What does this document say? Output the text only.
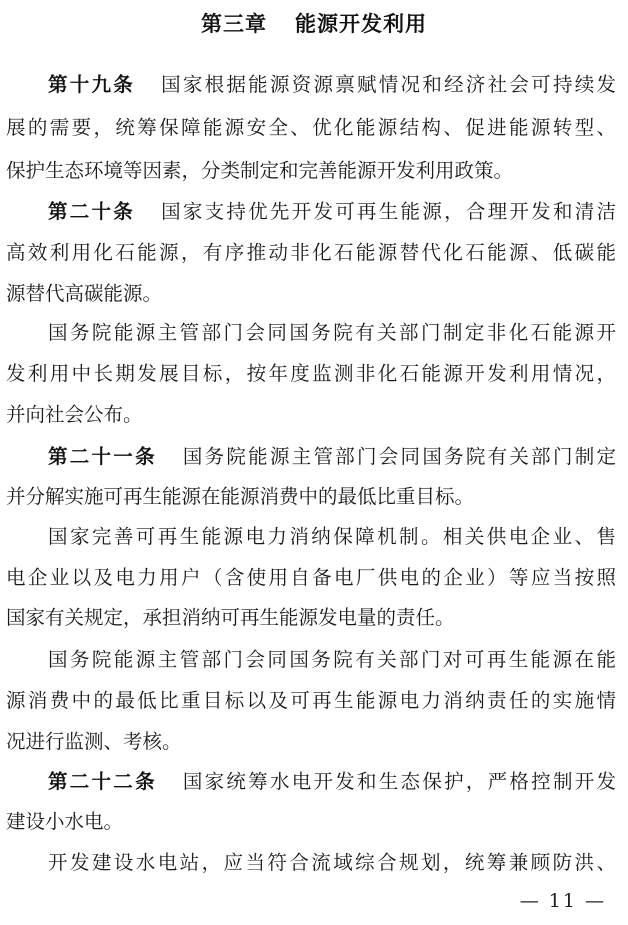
第三章 能源开发利用
第十九条 国家根据能源资源禀赋情况和经济社会可持续发
展的需要，统筹保障能源安全、优化能源结构、促进能源转型、
保护生态环境等因素，分类制定和完善能源开发利用政策。
第二十条 国家支持优先开发可再生能源，合理开发和清洁
高效利用化石能源，有序推动非化石能源替代化石能源、低碳能
源替代高碳能源。
国务院能源主管部门会同国务院有关部门制定非化石能源开
发利用中长期发展目标，按年度监测非化石能源开发利用情况，
并向社会公布。
第二十一条 国务院能源主管部门会同国务院有关部门制定
并分解实施可再生能源在能源消费中的最低比重目标。
国家完善可再生能源电力消纳保障机制。相关供电企业、售
电企业以及电力用户（含使用自备电厂供电的企业）等应当按照
国家有关规定，承担消纳可再生能源发电量的责任。
国务院能源主管部门会同国务院有关部门对可再生能源在能
源消费中的最低比重目标以及可再生能源电力消纳责任的实施情
况进行监测、考核。
第二十二条 国家统筹水电开发和生态保护，严格控制开发
建设小水电。
开发建设水电站，应当符合流域综合规划，统筹兼顾防洪、
— 11 —
